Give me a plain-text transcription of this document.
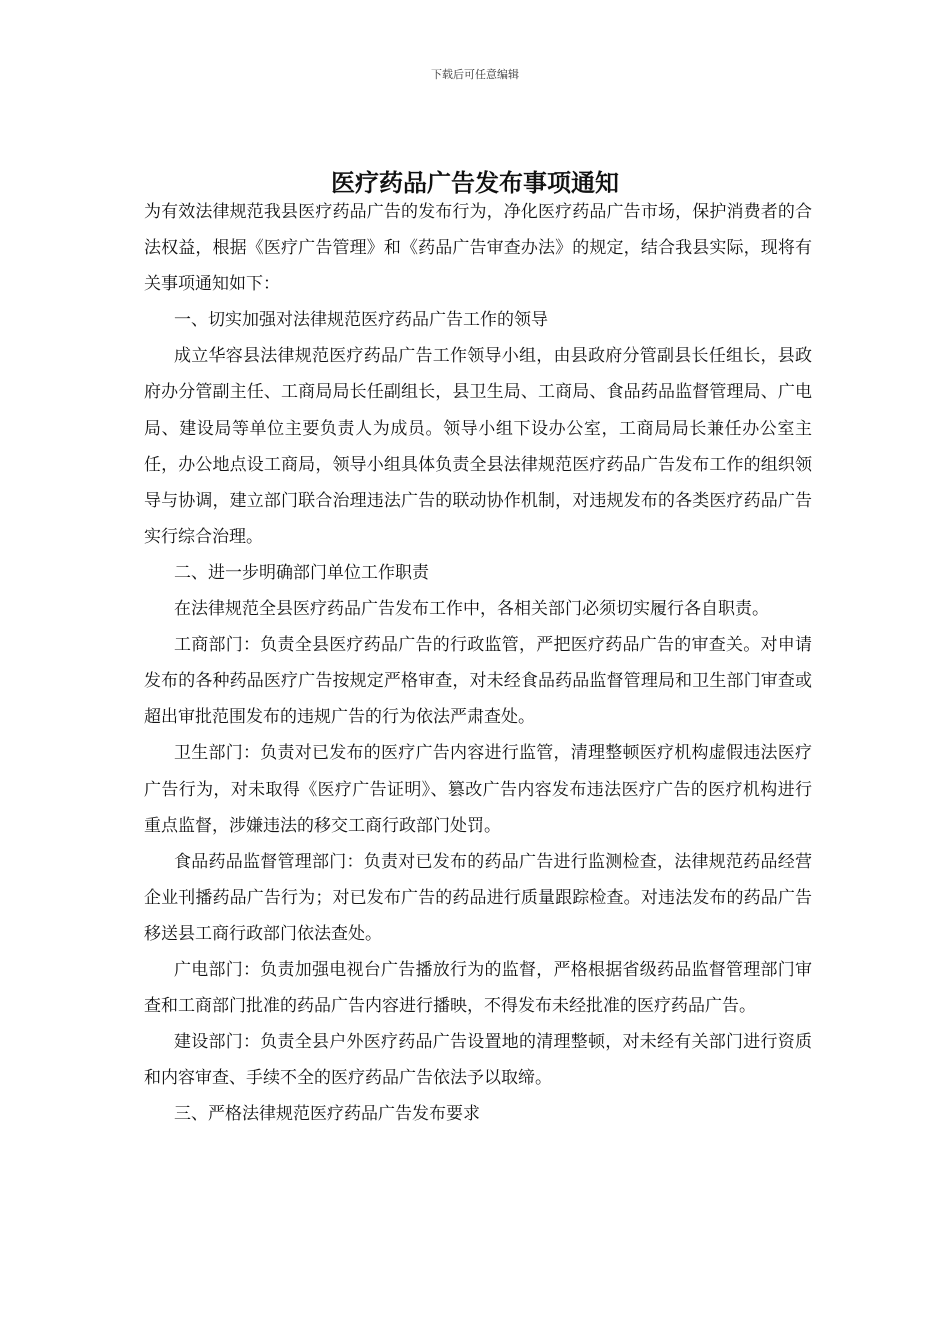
下载后可任意编辑
医疗药品广告发布事项通知

为有效法律规范我县医疗药品广告的发布行为，净化医疗药品广告市场，保护消费者的合法权益，根据《医疗广告管理》和《药品广告审查办法》的规定，结合我县实际，现将有关事项通知如下：

一、切实加强对法律规范医疗药品广告工作的领导

成立华容县法律规范医疗药品广告工作领导小组，由县政府分管副县长任组长，县政府办分管副主任、工商局局长任副组长，县卫生局、工商局、食品药品监督管理局、广电局、建设局等单位主要负责人为成员。领导小组下设办公室，工商局局长兼任办公室主任，办公地点设工商局，领导小组具体负责全县法律规范医疗药品广告发布工作的组织领导与协调，建立部门联合治理违法广告的联动协作机制，对违规发布的各类医疗药品广告实行综合治理。

二、进一步明确部门单位工作职责

在法律规范全县医疗药品广告发布工作中，各相关部门必须切实履行各自职责。

工商部门：负责全县医疗药品广告的行政监管，严把医疗药品广告的审查关。对申请发布的各种药品医疗广告按规定严格审查，对未经食品药品监督管理局和卫生部门审查或超出审批范围发布的违规广告的行为依法严肃查处。

卫生部门：负责对已发布的医疗广告内容进行监管，清理整顿医疗机构虚假违法医疗广告行为，对未取得《医疗广告证明》、篡改广告内容发布违法医疗广告的医疗机构进行重点监督，涉嫌违法的移交工商行政部门处罚。

食品药品监督管理部门：负责对已发布的药品广告进行监测检查，法律规范药品经营企业刊播药品广告行为；对已发布广告的药品进行质量跟踪检查。对违法发布的药品广告移送县工商行政部门依法查处。

广电部门：负责加强电视台广告播放行为的监督，严格根据省级药品监督管理部门审查和工商部门批准的药品广告内容进行播映，不得发布未经批准的医疗药品广告。

建设部门：负责全县户外医疗药品广告设置地的清理整顿，对未经有关部门进行资质和内容审查、手续不全的医疗药品广告依法予以取缔。

三、严格法律规范医疗药品广告发布要求
